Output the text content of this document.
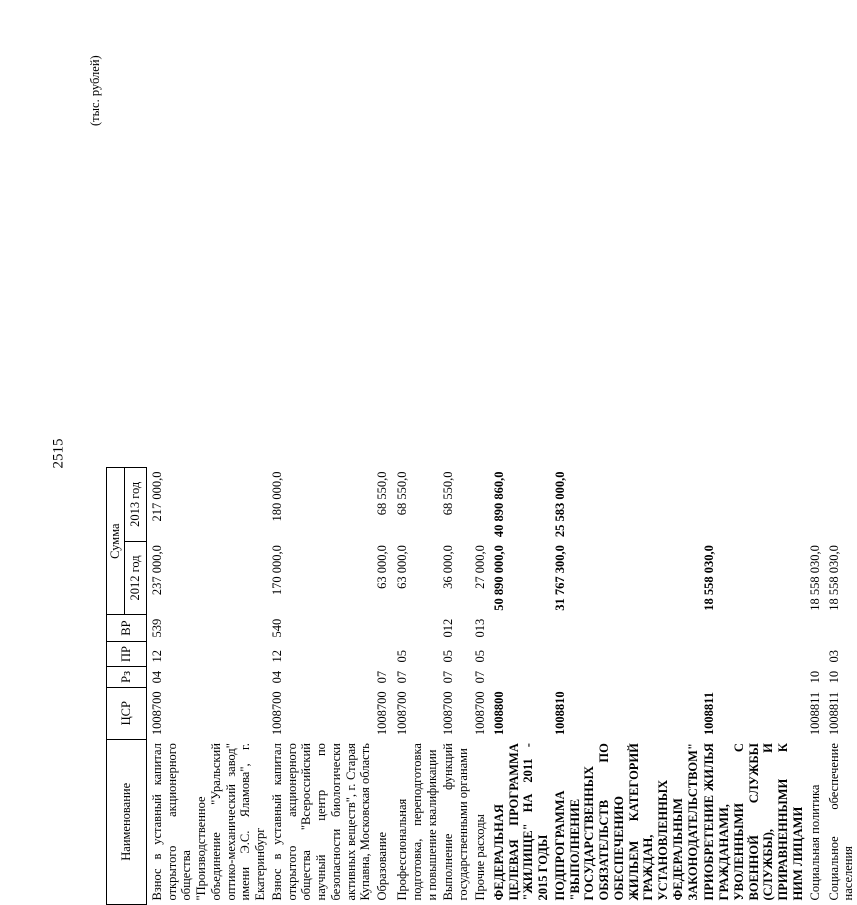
2515
(тыс. рублей)
Наименование	ЦСР	Рз	ПР	ВР	Сумма	
					2012 год	2013 год
Взнос в уставный капитал открытого акционерного общества "Производственное объединение "Уральский оптико-механический завод" имени Э.С. Яламова", г. Екатеринбург	1008700	04	12	539	237 000,0	217 000,0
Взнос в уставный капитал открытого акционерного общества "Всероссийский научный центр по безопасности биологически активных веществ", г. Старая Купавна, Московская область	1008700	04	12	540	170 000,0	180 000,0
Образование	1008700	07			63 000,0	68 550,0
Профессиональная подготовка, переподготовка и повышение квалификации	1008700	07	05		63 000,0	68 550,0
Выполнение функций государственными органами	1008700	07	05	012	36 000,0	68 550,0
Прочие расходы	1008700	07	05	013	27 000,0	
ФЕДЕРАЛЬНАЯ ЦЕЛЕВАЯ ПРОГРАММА "ЖИЛИЩЕ" НА 2011 - 2015 ГОДЫ	1008800				50 890 000,0	40 890 860,0
ПОДПРОГРАММА "ВЫПОЛНЕНИЕ ГОСУДАРСТВЕННЫХ ОБЯЗАТЕЛЬСТВ ПО ОБЕСПЕЧЕНИЮ ЖИЛЬЕМ КАТЕГОРИЙ ГРАЖДАН, УСТАНОВЛЕННЫХ ФЕДЕРАЛЬНЫМ ЗАКОНОДАТЕЛЬСТВОМ"	1008810				31 767 300,0	25 583 000,0
ПРИОБРЕТЕНИЕ ЖИЛЬЯ ГРАЖДАНАМИ, УВОЛЕННЫМИ С ВОЕННОЙ СЛУЖБЫ (СЛУЖБЫ), И ПРИРАВНЕННЫМИ К НИМ ЛИЦАМИ	1008811				18 558 030,0	
Социальная политика	1008811	10			18 558 030,0	
Социальное обеспечение населения	1008811	10	03		18 558 030,0	
